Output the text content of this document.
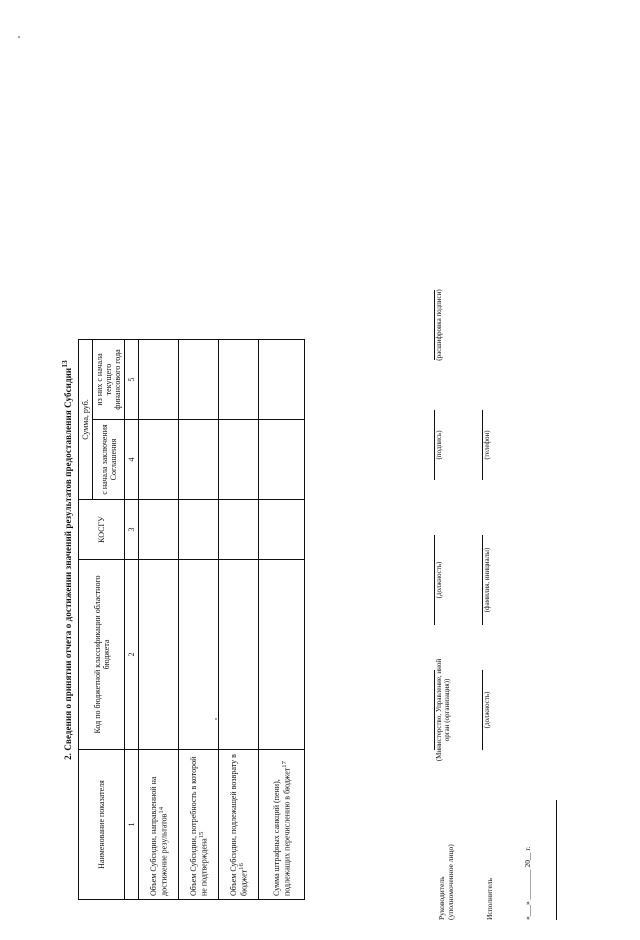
2. Сведения о принятии отчета о достижении значений результатов предоставления Субсидии$^{13}$
Наименование показателя	Код по бюджетной классификации областного бюджета	КОСГУ	Сумма, руб.	
			с начала заключения Соглашения	из них с начала текущего финансового года
1	2	3	4	5
Объем Субсидии, направленной на достижение результатов$^{14}$				
Объем Субсидии, потребность в которой не подтверждена$^{15}$				
Объем Субсидии, подлежащей возврату в бюджет$^{16}$				
Сумма штрафных санкций (пени), подлежащих перечислению в бюджет$^{17}$				
Руководитель (уполномоченное лицо)
(Министерство, Управление, иной орган (организация))
(должность)
(подпись)
(расшифровка подписи)
Исполнитель
(должность)
(фамилия, инициалы)
(телефон)
«___» ________ 20__ г.
